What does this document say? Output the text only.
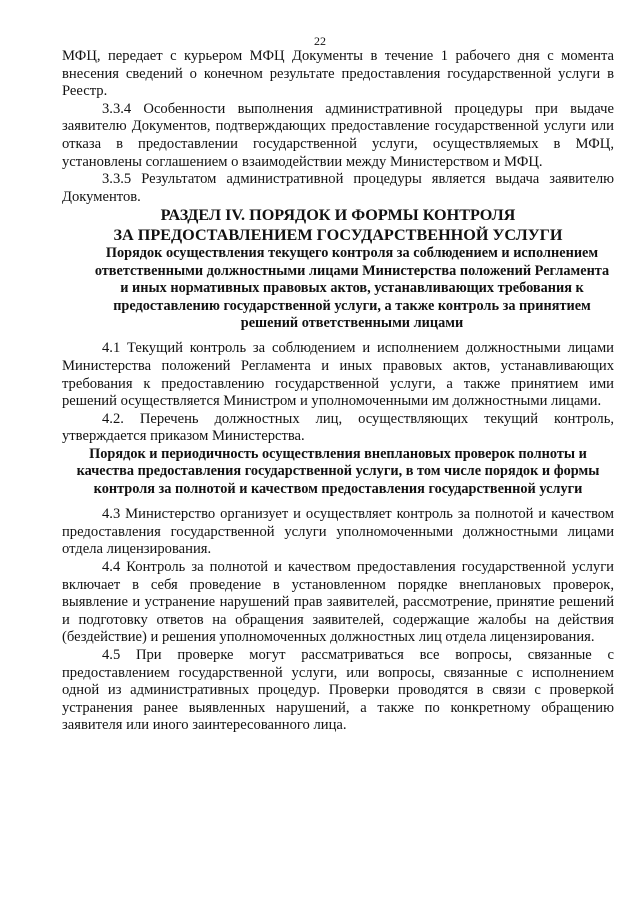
22

МФЦ, передает с курьером МФЦ Документы в течение 1 рабочего дня с момента внесения сведений о конечном результате предоставления государственной услуги в Реестр.

3.3.4 Особенности выполнения административной процедуры при выдаче заявителю Документов, подтверждающих предоставление государственной услуги или отказа в предоставлении государственной услуги, осуществляемых в МФЦ, установлены соглашением о взаимодействии между Министерством и МФЦ.

3.3.5 Результатом административной процедуры является выдача заявителю Документов.

РАЗДЕЛ IV. ПОРЯДОК И ФОРМЫ КОНТРОЛЯ
ЗА ПРЕДОСТАВЛЕНИЕМ ГОСУДАРСТВЕННОЙ УСЛУГИ
Порядок осуществления текущего контроля за соблюдением и исполнением ответственными должностными лицами Министерства положений Регламента и иных нормативных правовых актов, устанавливающих требования к предоставлению государственной услуги, а также контроль за принятием решений ответственными лицами

4.1 Текущий контроль за соблюдением и исполнением должностными лицами Министерства положений Регламента и иных правовых актов, устанавливающих требования к предоставлению государственной услуги, а также принятием ими решений осуществляется Министром и уполномоченными им должностными лицами.

4.2. Перечень должностных лиц, осуществляющих текущий контроль, утверждается приказом Министерства.

Порядок и периодичность осуществления внеплановых проверок полноты и качества предоставления государственной услуги, в том числе порядок и формы контроля за полнотой и качеством предоставления государственной услуги

4.3 Министерство организует и осуществляет контроль за полнотой и качеством предоставления государственной услуги уполномоченными должностными лицами отдела лицензирования.

4.4 Контроль за полнотой и качеством предоставления государственной услуги включает в себя проведение в установленном порядке внеплановых проверок, выявление и устранение нарушений прав заявителей, рассмотрение, принятие решений и подготовку ответов на обращения заявителей, содержащие жалобы на действия (бездействие) и решения уполномоченных должностных лиц отдела лицензирования.

4.5 При проверке могут рассматриваться все вопросы, связанные с предоставлением государственной услуги, или вопросы, связанные с исполнением одной из административных процедур. Проверки проводятся в связи с проверкой устранения ранее выявленных нарушений, а также по конкретному обращению заявителя или иного заинтересованного лица.
